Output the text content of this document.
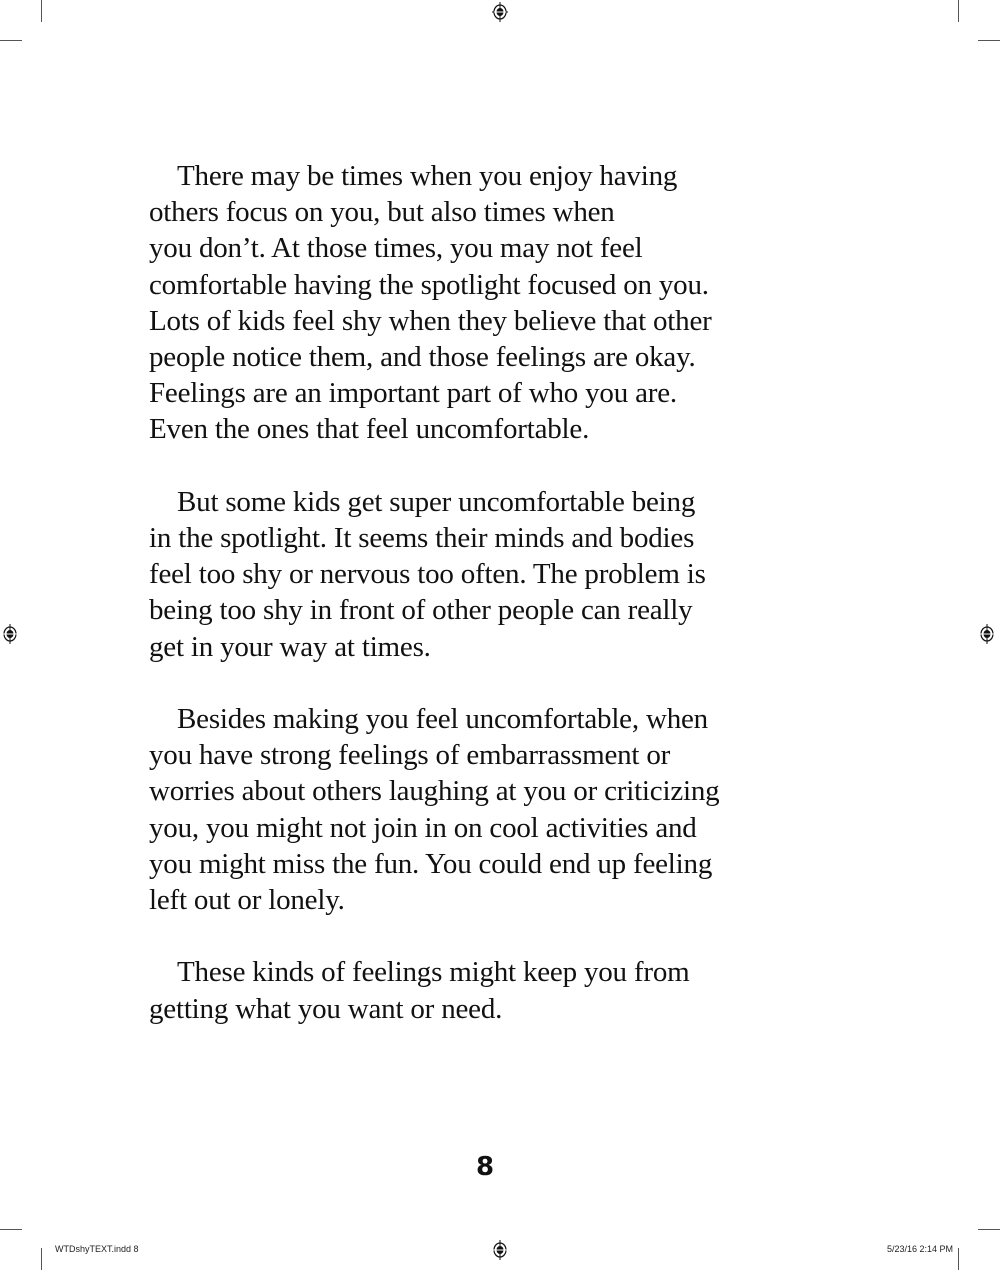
There may be times when you enjoy having
others focus on you, but also times when
you don’t. At those times, you may not feel
comfortable having the spotlight focused on you.
Lots of kids feel shy when they believe that other
people notice them, and those feelings are okay.
Feelings are an important part of who you are.
Even the ones that feel uncomfortable.

But some kids get super uncomfortable being
in the spotlight. It seems their minds and bodies
feel too shy or nervous too often. The problem is
being too shy in front of other people can really
get in your way at times.

Besides making you feel uncomfortable, when
you have strong feelings of embarrassment or
worries about others laughing at you or criticizing
you, you might not join in on cool activities and
you might miss the fun. You could end up feeling
left out or lonely.

These kinds of feelings might keep you from
getting what you want or need.

8
WTDshyTEXT.indd 8	5/23/16 2:14 PM
